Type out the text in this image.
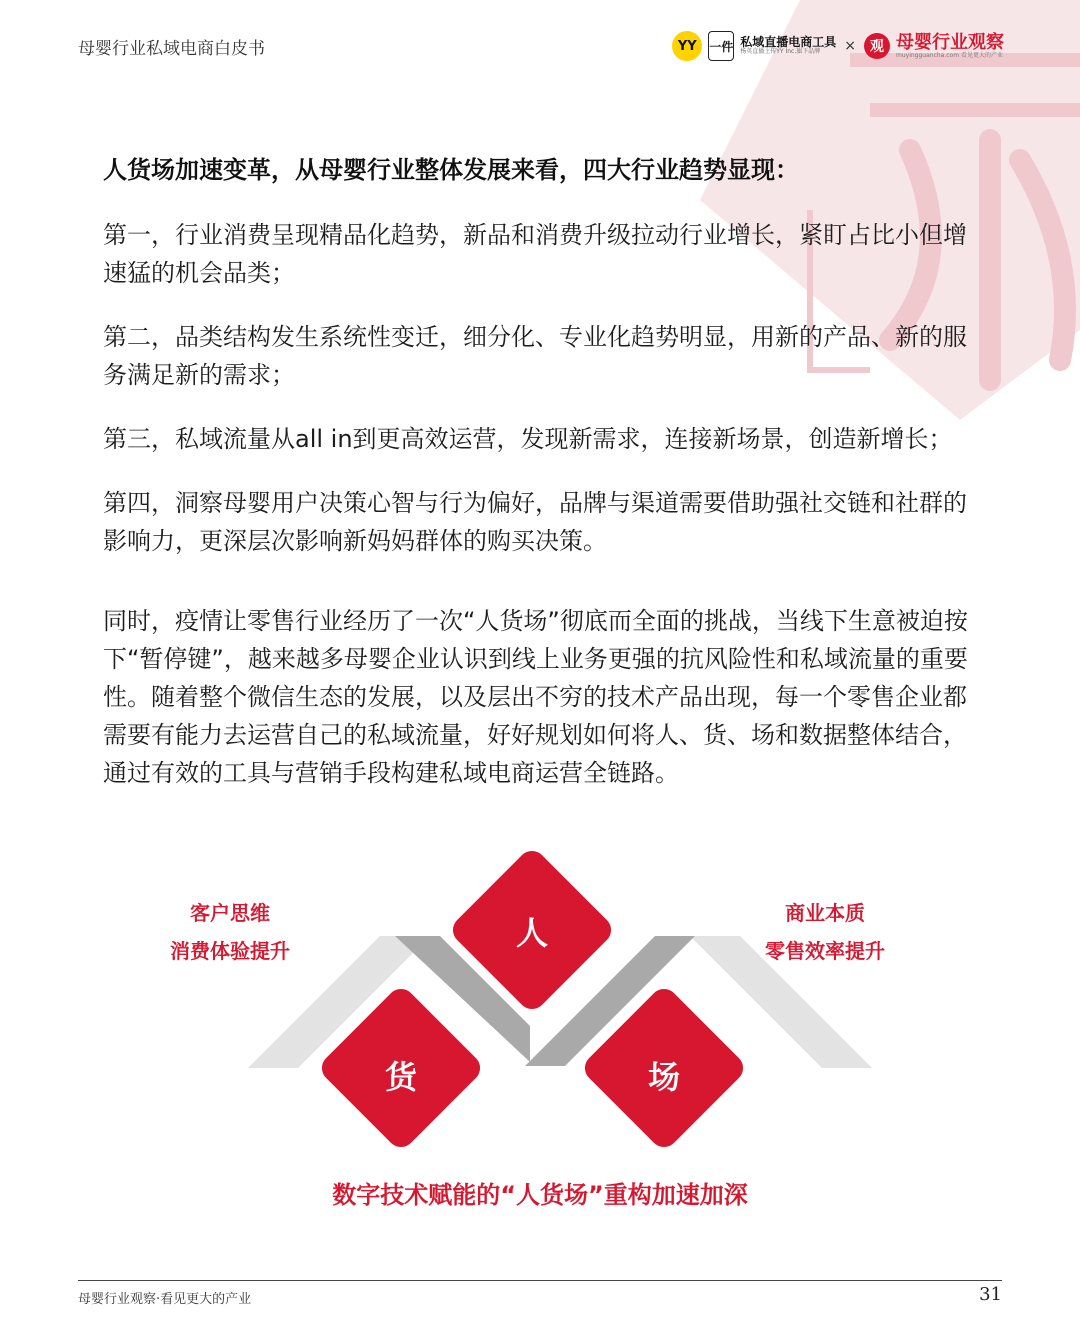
母婴行业私域电商白皮书	YY	一件 私域直播电商工具
杨英直播上传YY Inc.旗下品牌	×	观 母婴行业观察
muyingguancha.com 看见更大的产业

人货场加速变革，从母婴行业整体发展来看，四大行业趋势显现：

第一，行业消费呈现精品化趋势，新品和消费升级拉动行业增长，紧盯占比小但增速猛的机会品类；

第二，品类结构发生系统性变迁，细分化、专业化趋势明显，用新的产品、新的服务满足新的需求；

第三，私域流量从all in到更高效运营，发现新需求，连接新场景，创造新增长；

第四，洞察母婴用户决策心智与行为偏好，品牌与渠道需要借助强社交链和社群的影响力，更深层次影响新妈妈群体的购买决策。

同时，疫情让零售行业经历了一次“人货场”彻底而全面的挑战，当线下生意被迫按下“暂停键”，越来越多母婴企业认识到线上业务更强的抗风险性和私域流量的重要性。随着整个微信生态的发展，以及层出不穷的技术产品出现，每一个零售企业都需要有能力去运营自己的私域流量，好好规划如何将人、货、场和数据整体结合，通过有效的工具与营销手段构建私域电商运营全链路。

客户思维
消费体验提升
商业本质
零售效率提升
人
货	场
数字技术赋能的“人货场”重构加速加深
母婴行业观察·看见更大的产业	31
